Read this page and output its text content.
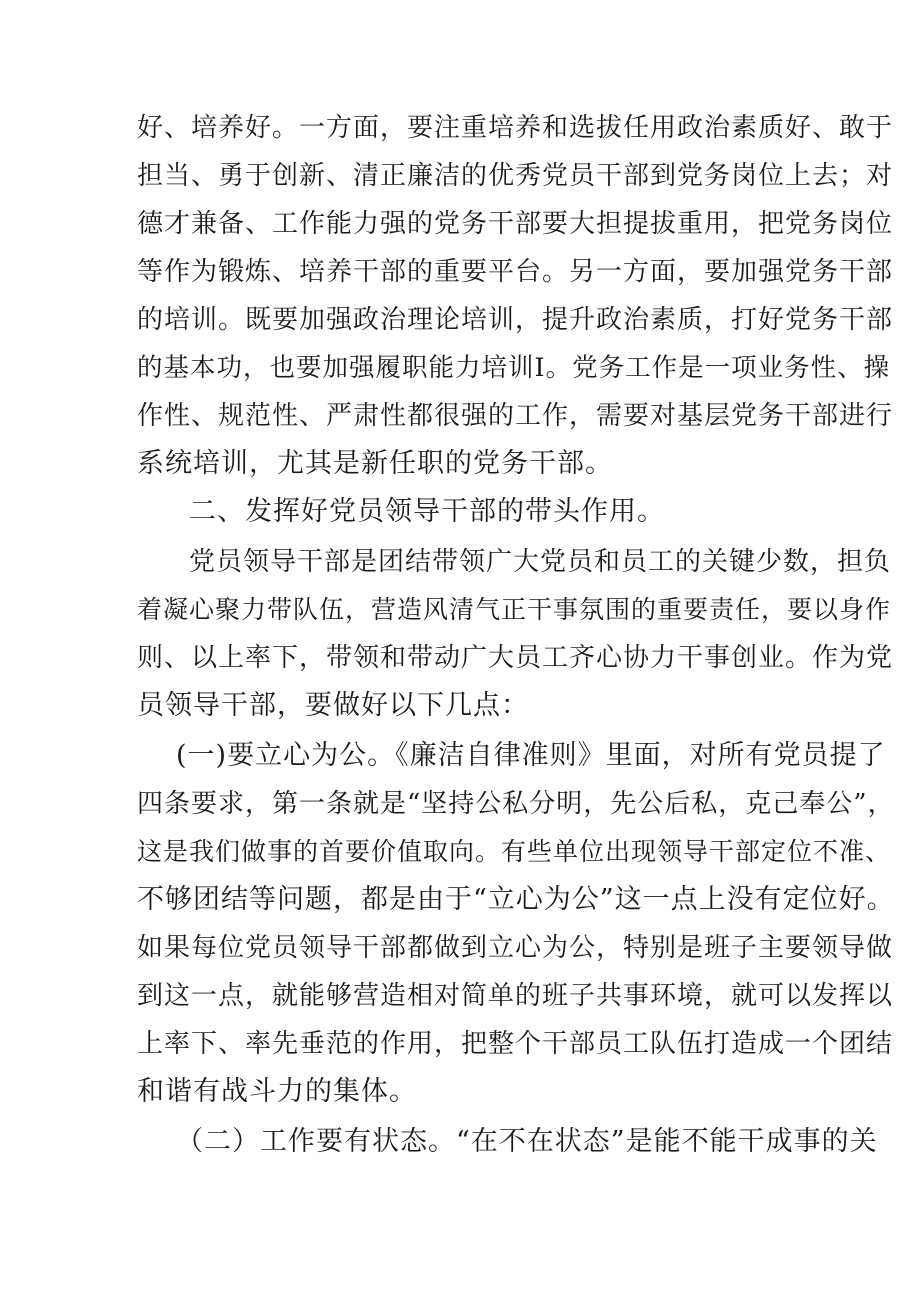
好、培养好。一方面，要注重培养和选拔任用政治素质好、敢于
担当、勇于创新、清正廉洁的优秀党员干部到党务岗位上去；对
德才兼备、工作能力强的党务干部要大担提拔重用，把党务岗位
等作为锻炼、培养干部的重要平台。另一方面，要加强党务干部
的培训。既要加强政治理论培训，提升政治素质，打好党务干部
的基本功，也要加强履职能力培训I。党务工作是一项业务性、操
作性、规范性、严肃性都很强的工作，需要对基层党务干部进行
系统培训，尤其是新任职的党务干部。
二、发挥好党员领导干部的带头作用。
党员领导干部是团结带领广大党员和员工的关键少数，担负
着凝心聚力带队伍，营造风清气正干事氛围的重要责任，要以身作
则、以上率下，带领和带动广大员工齐心协力干事创业。作为党
员领导干部，要做好以下几点：
(一)要立心为公。《廉洁自律准则》里面，对所有党员提了
四条要求，第一条就是“坚持公私分明，先公后私，克己奉公”，
这是我们做事的首要价值取向。有些单位出现领导干部定位不准、
不够团结等问题，都是由于“立心为公”这一点上没有定位好。
如果每位党员领导干部都做到立心为公，特别是班子主要领导做
到这一点，就能够营造相对简单的班子共事环境，就可以发挥以
上率下、率先垂范的作用，把整个干部员工队伍打造成一个团结
和谐有战斗力的集体。
（二）工作要有状态。“在不在状态”是能不能干成事的关
